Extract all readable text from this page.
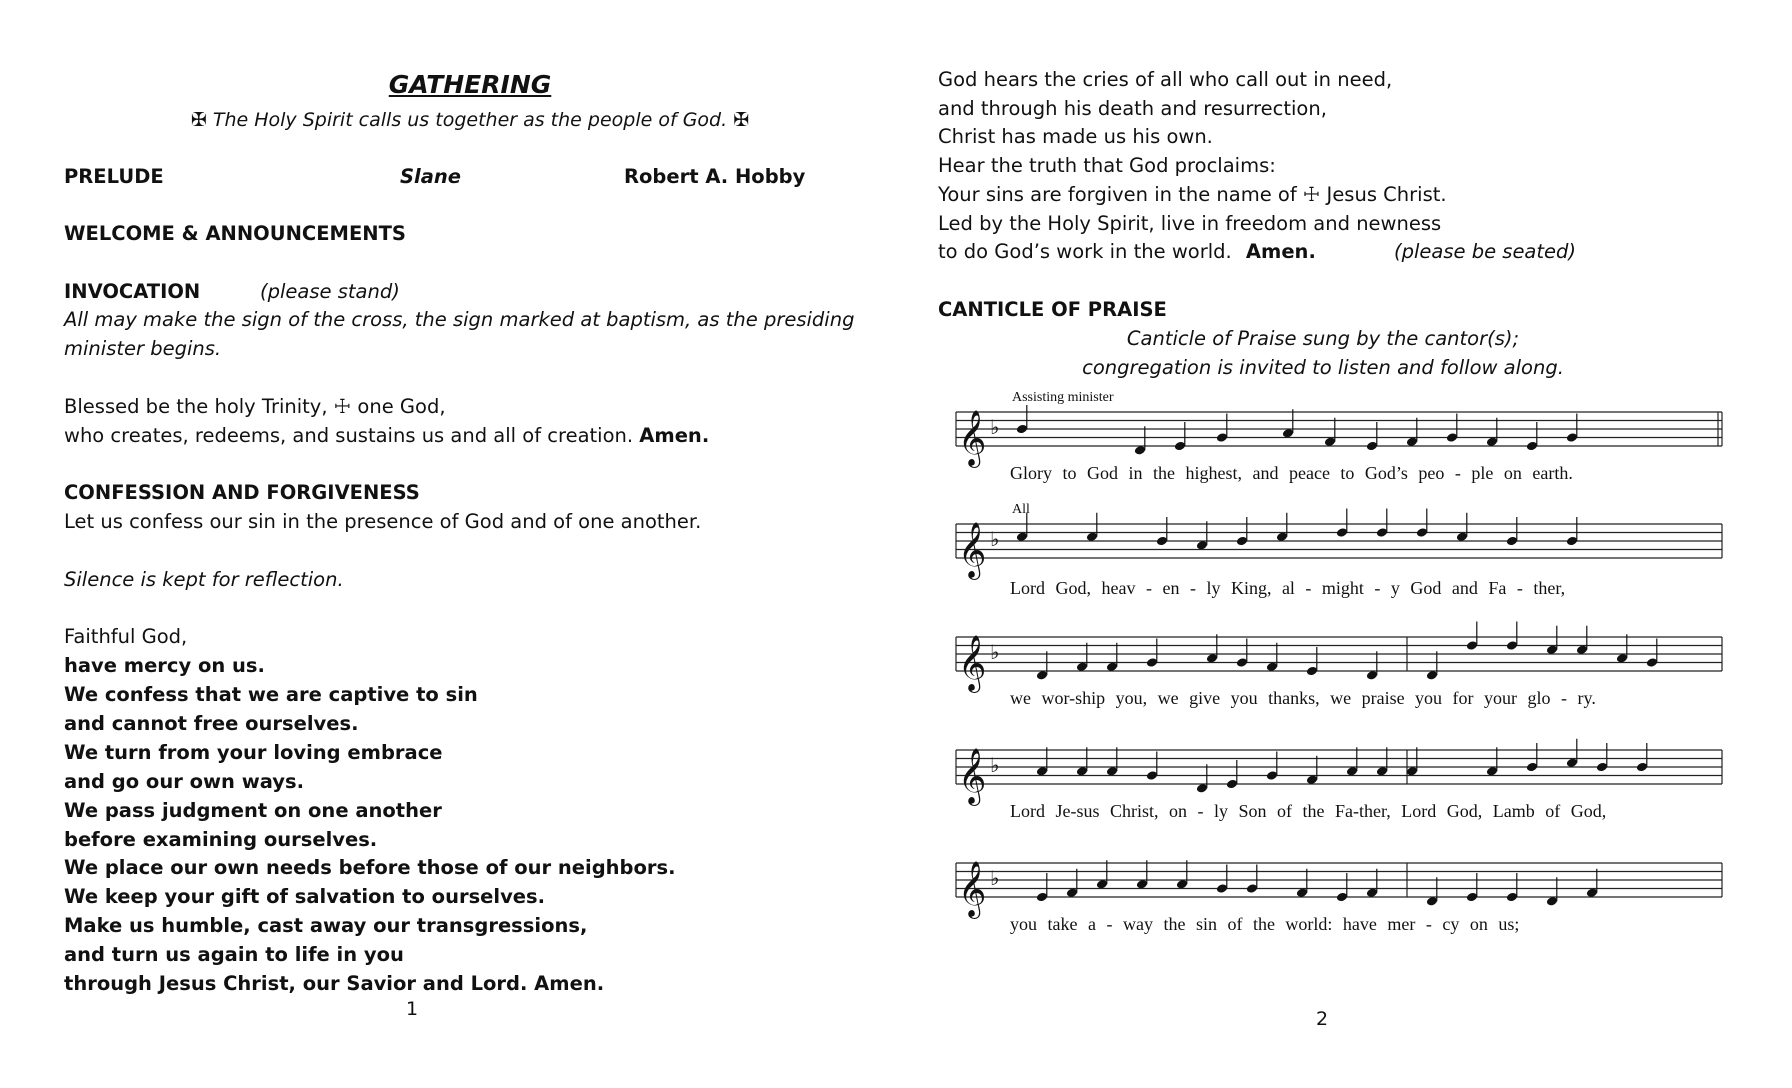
GATHERING
✠ The Holy Spirit calls us together as the people of God. ✠
PRELUDE	Slane	Robert A. Hobby
WELCOME & ANNOUNCEMENTS
INVOCATION	(please stand)
All may make the sign of the cross, the sign marked at baptism, as the presiding
minister begins.
Blessed be the holy Trinity, ☩ one God,
who creates, redeems, and sustains us and all of creation. Amen.
CONFESSION AND FORGIVENESS
Let us confess our sin in the presence of God and of one another.
Silence is kept for reflection.
Faithful God,
have mercy on us.
We confess that we are captive to sin
and cannot free ourselves.
We turn from your loving embrace
and go our own ways.
We pass judgment on one another
before examining ourselves.
We place our own needs before those of our neighbors.
We keep your gift of salvation to ourselves.
Make us humble, cast away our transgressions,
and turn us again to life in you
through Jesus Christ, our Savior and Lord. Amen.
1
God hears the cries of all who call out in need,
and through his death and resurrection,
Christ has made us his own.
Hear the truth that God proclaims:
Your sins are forgiven in the name of ☩ Jesus Christ.
Led by the Holy Spirit, live in freedom and newness
to do God’s work in the world. Amen.	(please be seated)
CANTICLE OF PRAISE
Canticle of Praise sung by the cantor(s);
congregation is invited to listen and follow along.
Assisting minister
𝄞 ♭
Glory to God in the highest, and peace to God’s peo - ple on earth.
All
𝄞 ♭
Lord God, heav - en - ly King, al - might - y God and Fa - ther,
𝄞 ♭
we wor-ship you, we give you thanks, we praise you for your glo - ry.
𝄞 ♭
Lord Je-sus Christ, on - ly Son of the Fa-ther, Lord God, Lamb of God,
𝄞 ♭
you take a - way the sin of the world: have mer - cy on us;
2
